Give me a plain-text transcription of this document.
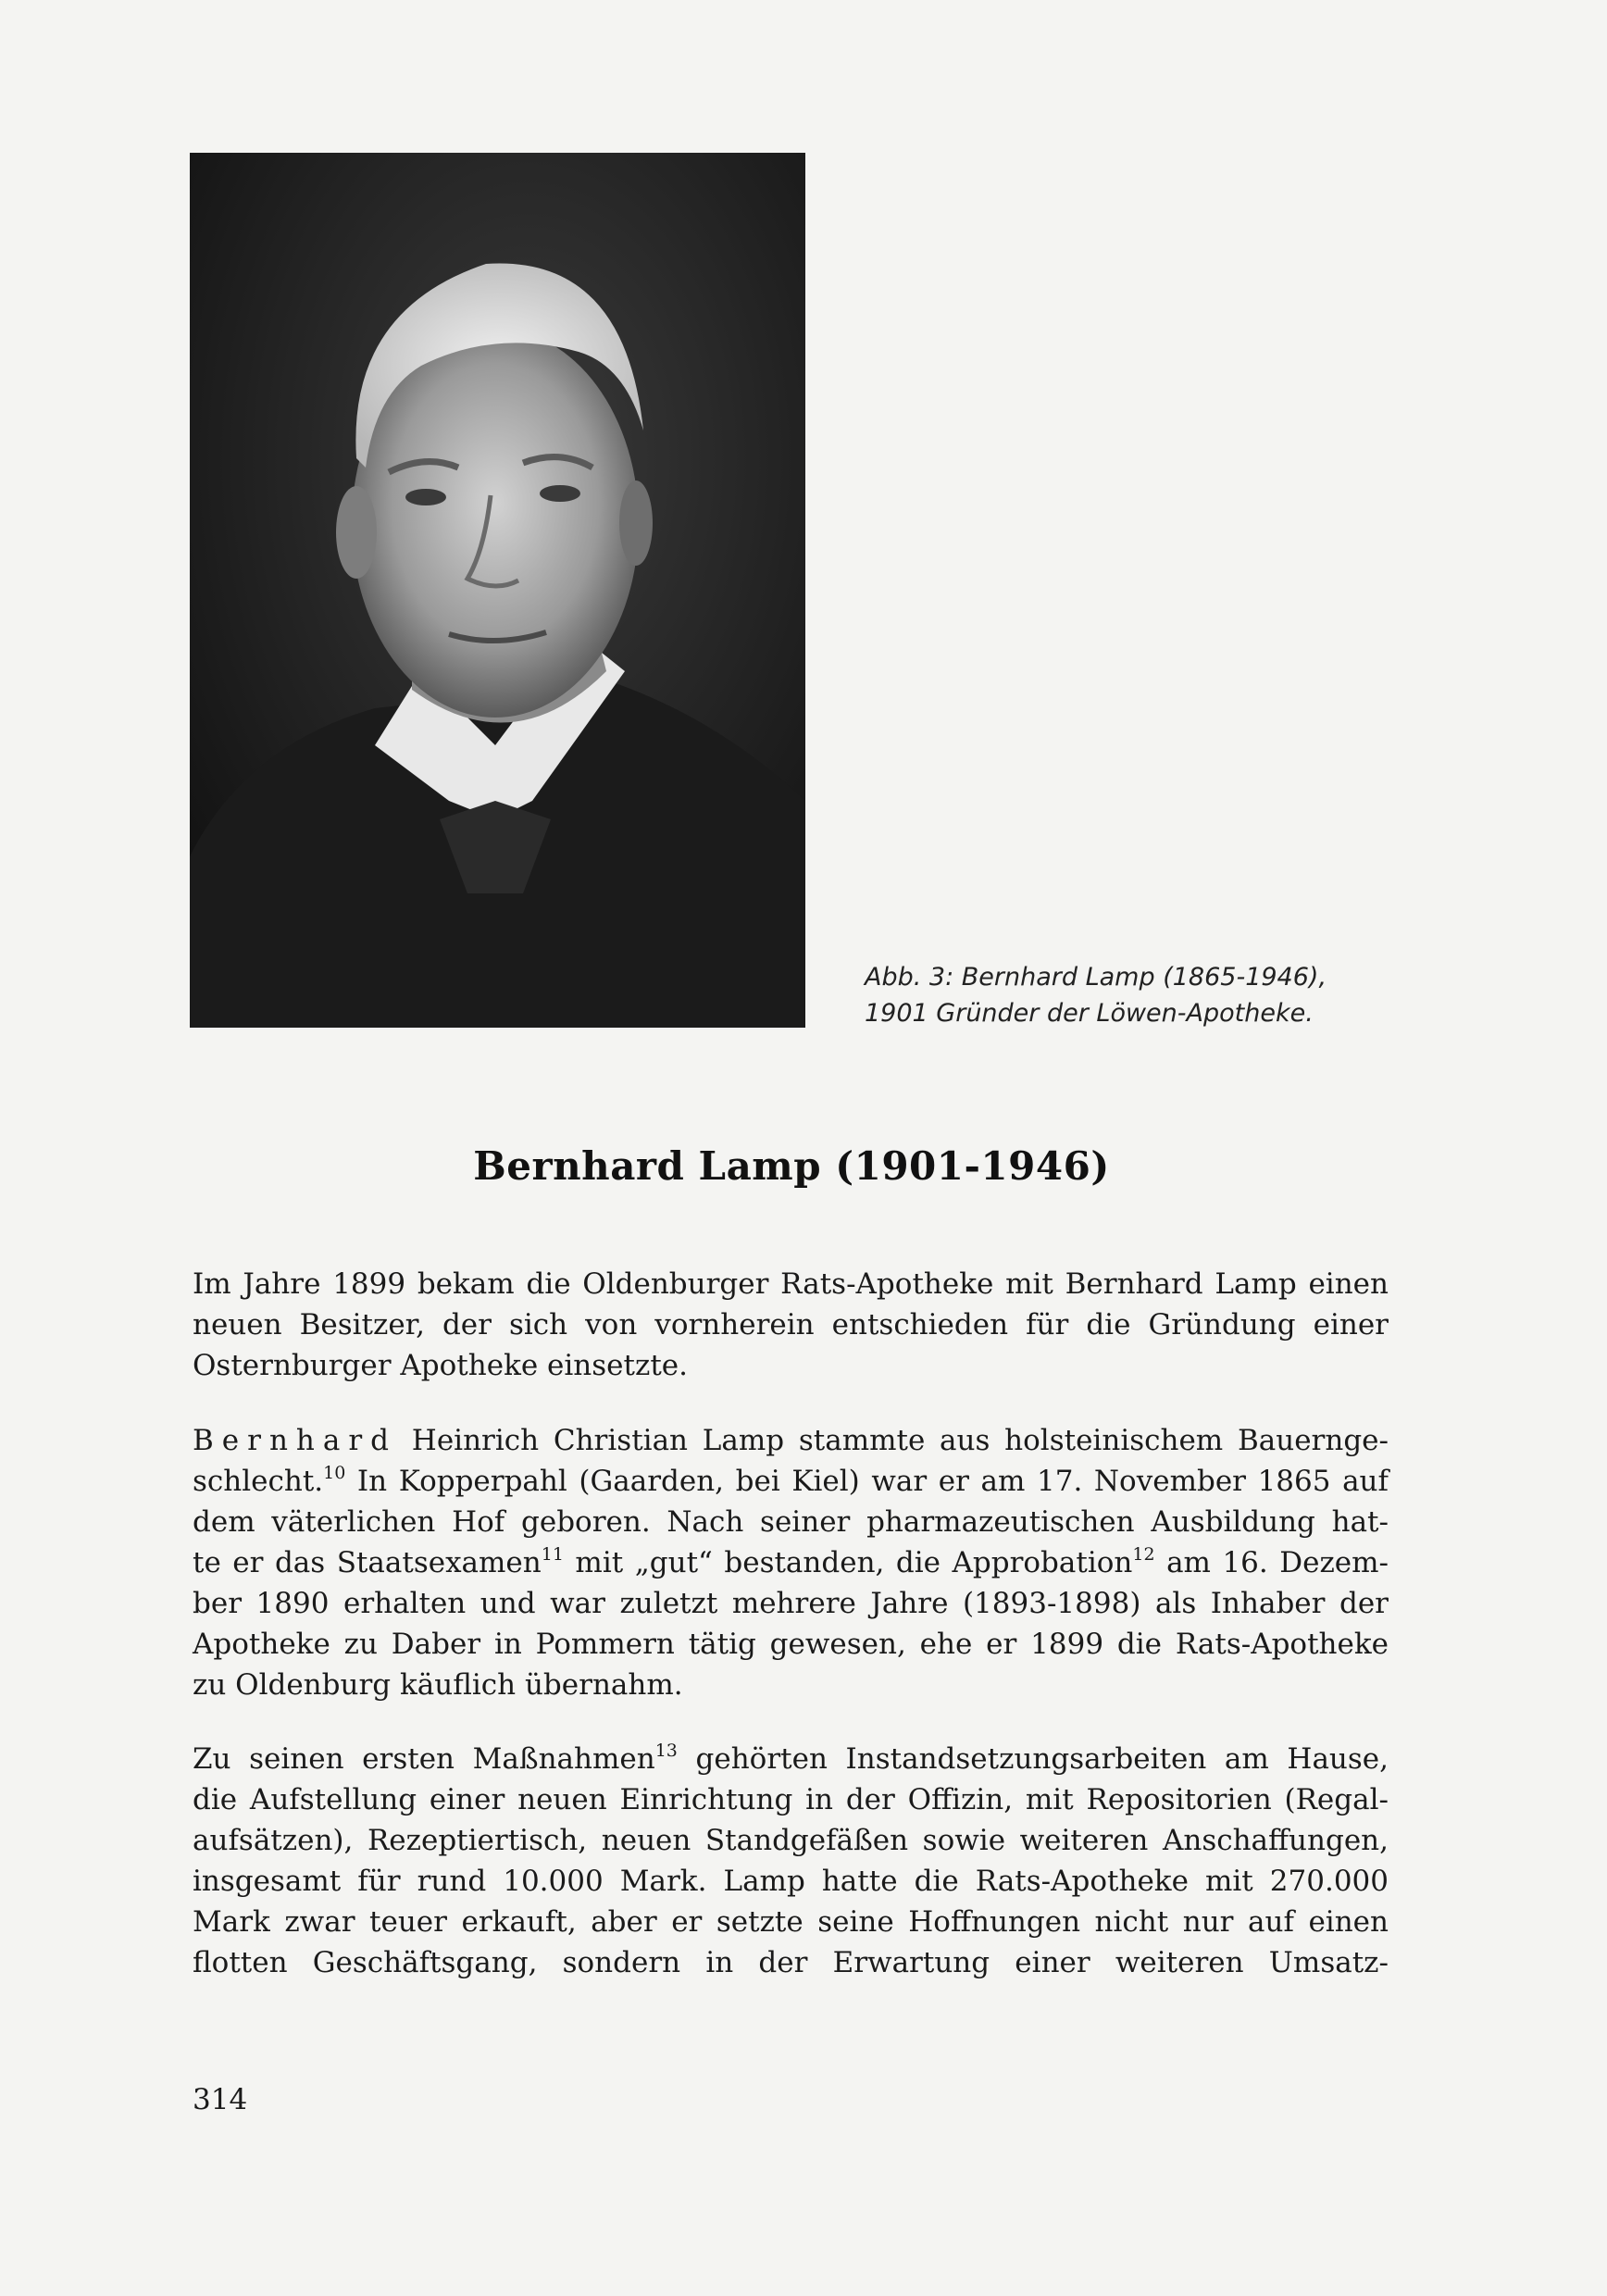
Abb. 3: Bernhard Lamp (1865-1946),
1901 Gründer der Löwen-Apotheke.
Bernhard Lamp (1901-1946)
Im Jahre 1899 bekam die Oldenburger Rats-Apotheke mit Bernhard Lamp einen
neuen Besitzer, der sich von vornherein entschieden für die Gründung einer
Osternburger Apotheke einsetzte.
Bernhard Heinrich Christian Lamp stammte aus holsteinischem Bauernge-
schlecht.$^{10}$ In Kopperpahl (Gaarden, bei Kiel) war er am 17. November 1865 auf
dem väterlichen Hof geboren. Nach seiner pharmazeutischen Ausbildung hat-
te er das Staatsexamen$^{11}$ mit „gut“ bestanden, die Approbation$^{12}$ am 16. Dezem-
ber 1890 erhalten und war zuletzt mehrere Jahre (1893-1898) als Inhaber der
Apotheke zu Daber in Pommern tätig gewesen, ehe er 1899 die Rats-Apotheke
zu Oldenburg käuflich übernahm.
Zu seinen ersten Maßnahmen$^{13}$ gehörten Instandsetzungsarbeiten am Hause,
die Aufstellung einer neuen Einrichtung in der Offizin, mit Repositorien (Regal-
aufsätzen), Rezeptiertisch, neuen Standgefäßen sowie weiteren Anschaffungen,
insgesamt für rund 10.000 Mark. Lamp hatte die Rats-Apotheke mit 270.000
Mark zwar teuer erkauft, aber er setzte seine Hoffnungen nicht nur auf einen
flotten Geschäftsgang, sondern in der Erwartung einer weiteren Umsatz-
314
